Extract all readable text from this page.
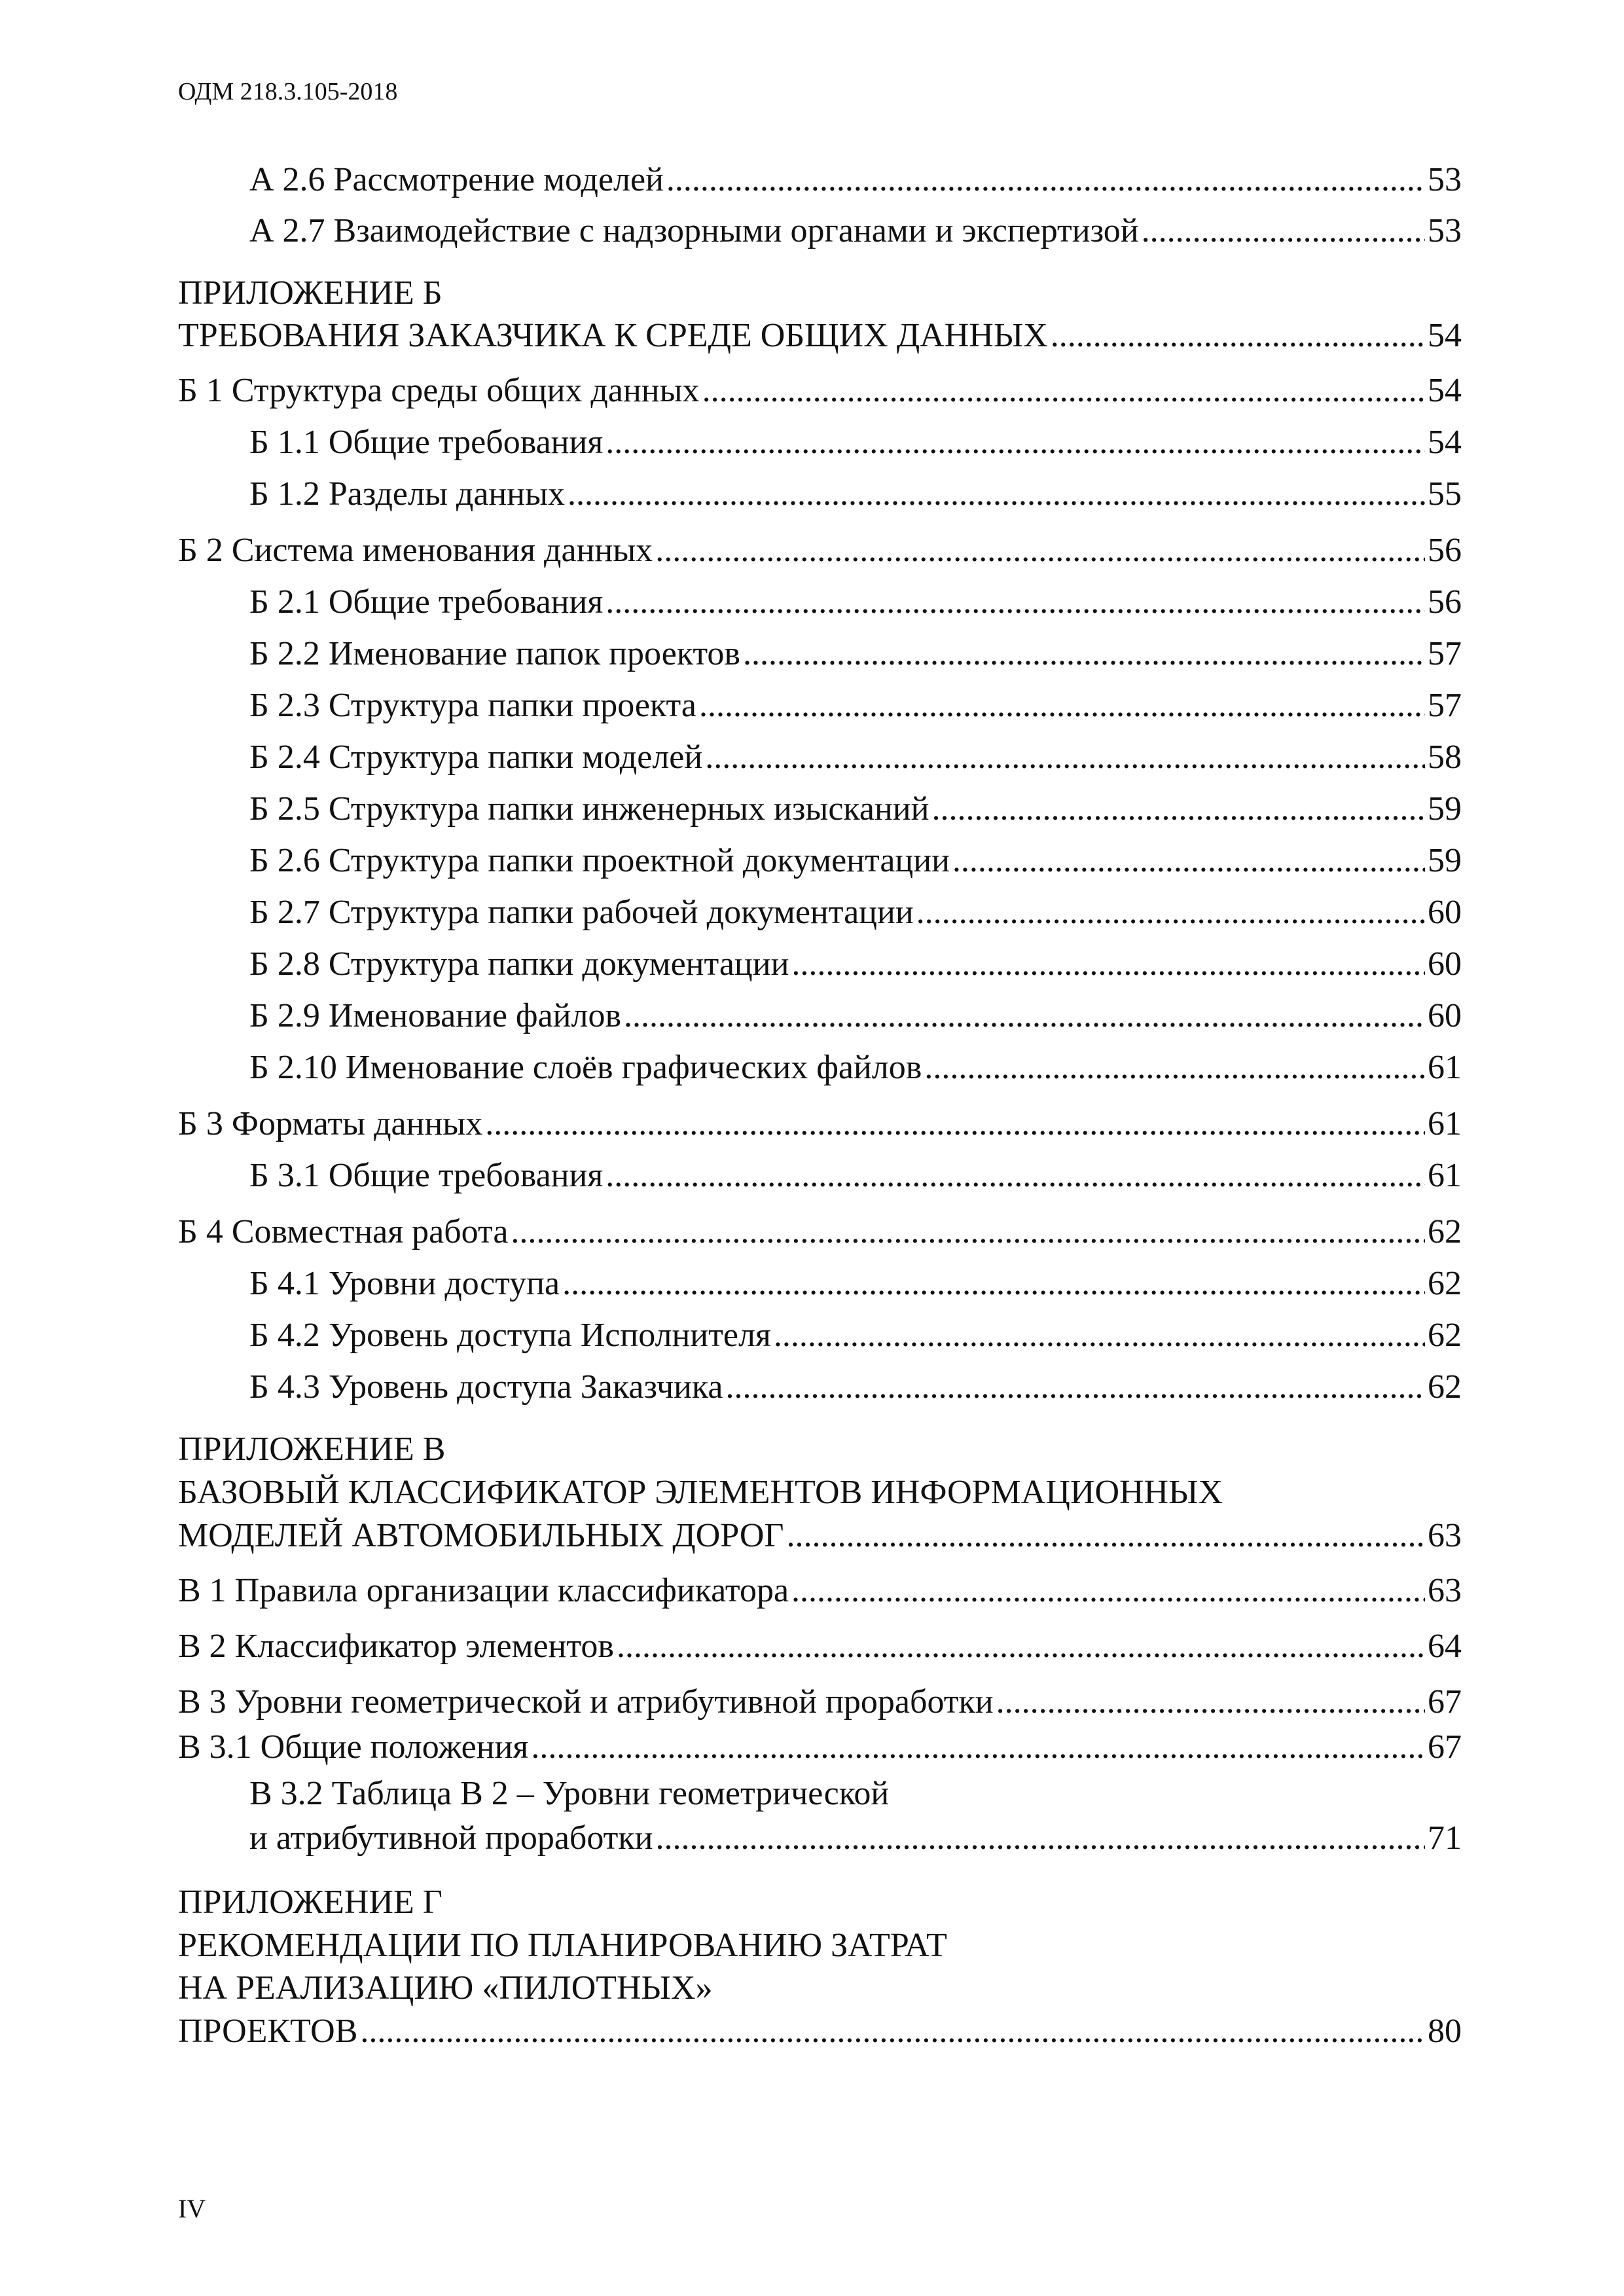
ОДМ 218.3.105-2018
А 2.6 Рассмотрение моделей .....	53
А 2.7 Взаимодействие с надзорными органами и экспертизой .....	53
ПРИЛОЖЕНИЕ Б
ТРЕБОВАНИЯ ЗАКАЗЧИКА К СРЕДЕ ОБЩИХ ДАННЫХ .....	54
Б 1 Структура среды общих данных .....	54
Б 1.1 Общие требования .....	54
Б 1.2 Разделы данных .....	55
Б 2 Система именования данных .....	56
Б 2.1 Общие требования .....	56
Б 2.2 Именование папок проектов .....	57
Б 2.3 Структура папки проекта .....	57
Б 2.4 Структура папки моделей .....	58
Б 2.5 Структура папки инженерных изысканий .....	59
Б 2.6 Структура папки проектной документации .....	59
Б 2.7 Структура папки рабочей документации .....	60
Б 2.8 Структура папки документации .....	60
Б 2.9 Именование файлов .....	60
Б 2.10 Именование слоёв графических файлов .....	61
Б 3 Форматы данных .....	61
Б 3.1 Общие требования .....	61
Б 4 Совместная работа .....	62
Б 4.1 Уровни доступа .....	62
Б 4.2 Уровень доступа Исполнителя .....	62
Б 4.3 Уровень доступа Заказчика .....	62
ПРИЛОЖЕНИЕ В
БАЗОВЫЙ КЛАССИФИКАТОР ЭЛЕМЕНТОВ ИНФОРМАЦИОННЫХ
МОДЕЛЕЙ АВТОМОБИЛЬНЫХ ДОРОГ .....	63
В 1 Правила организации классификатора .....	63
В 2 Классификатор элементов .....	64
В 3 Уровни геометрической и атрибутивной проработки .....	67
В 3.1 Общие положения .....	67
В 3.2 Таблица В 2 – Уровни геометрической
и атрибутивной проработки .....	71
ПРИЛОЖЕНИЕ Г
РЕКОМЕНДАЦИИ ПО ПЛАНИРОВАНИЮ ЗАТРАТ
НА РЕАЛИЗАЦИЮ «ПИЛОТНЫХ»
ПРОЕКТОВ .....	80
IV
